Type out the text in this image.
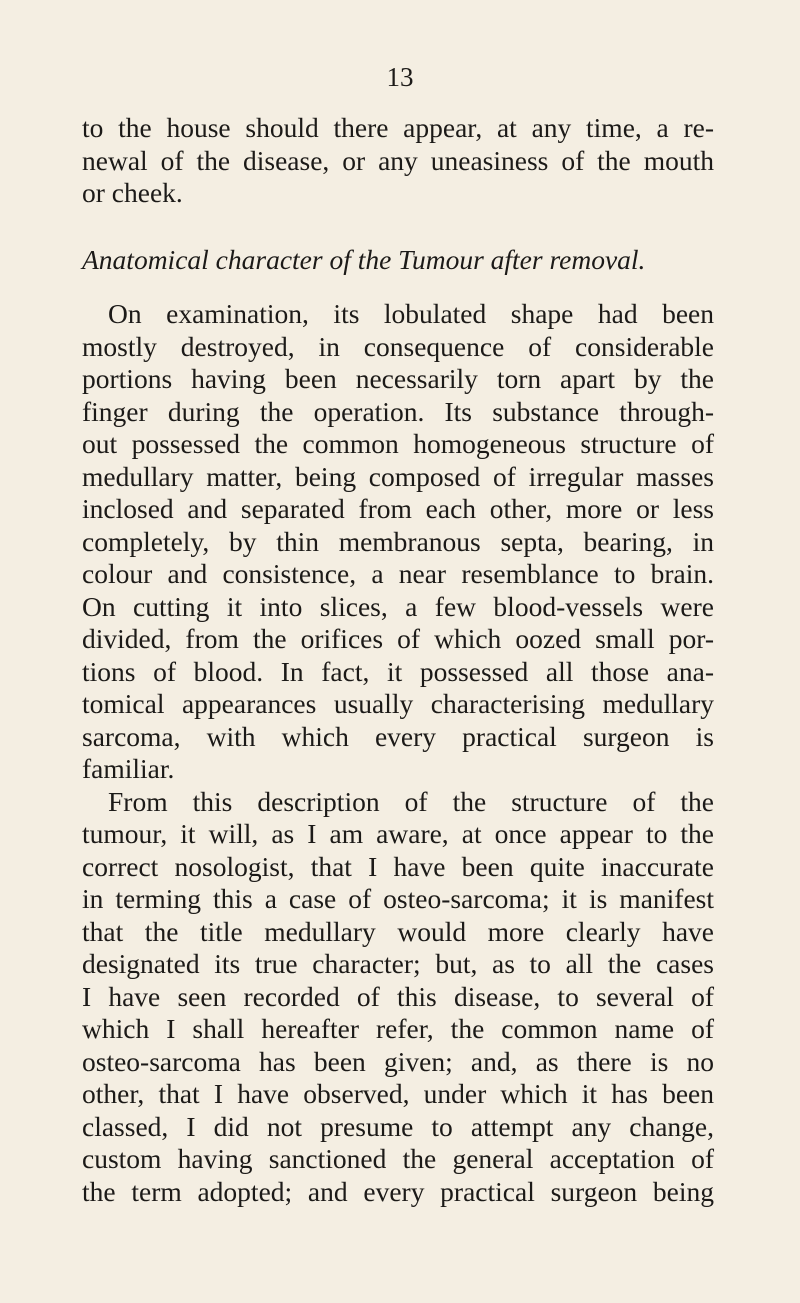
13
to the house should there appear, at any time, a re-
newal of the disease, or any uneasiness of the mouth
or cheek.
Anatomical character of the Tumour after removal.
On examination, its lobulated shape had been
mostly destroyed, in consequence of considerable
portions having been necessarily torn apart by the
finger during the operation. Its substance through-
out possessed the common homogeneous structure of
medullary matter, being composed of irregular masses
inclosed and separated from each other, more or less
completely, by thin membranous septa, bearing, in
colour and consistence, a near resemblance to brain.
On cutting it into slices, a few blood-vessels were
divided, from the orifices of which oozed small por-
tions of blood. In fact, it possessed all those ana-
tomical appearances usually characterising medullary
sarcoma, with which every practical surgeon is
familiar.
From this description of the structure of the
tumour, it will, as I am aware, at once appear to the
correct nosologist, that I have been quite inaccurate
in terming this a case of osteo-sarcoma; it is manifest
that the title medullary would more clearly have
designated its true character; but, as to all the cases
I have seen recorded of this disease, to several of
which I shall hereafter refer, the common name of
osteo-sarcoma has been given; and, as there is no
other, that I have observed, under which it has been
classed, I did not presume to attempt any change,
custom having sanctioned the general acceptation of
the term adopted; and every practical surgeon being
